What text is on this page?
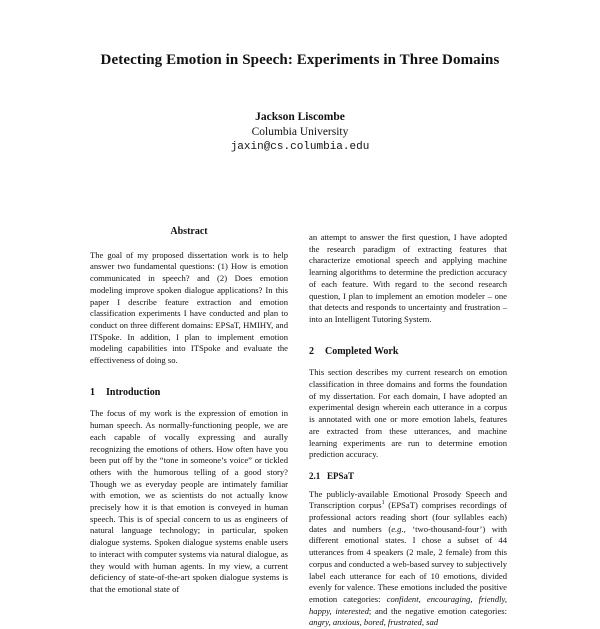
Detecting Emotion in Speech: Experiments in Three Domains
Jackson Liscombe
Columbia University
jaxin@cs.columbia.edu
Abstract

The goal of my proposed dissertation work is to help answer two fundamental questions: (1) How is emotion communicated in speech? and (2) Does emotion modeling improve spoken dialogue applications? In this paper I describe feature extraction and emotion classification experiments I have conducted and plan to conduct on three different domains: EPSaT, HMIHY, and ITSpoke. In addition, I plan to implement emotion modeling capabilities into ITSpoke and evaluate the effectiveness of doing so.

1 Introduction

The focus of my work is the expression of emotion in human speech. As normally-functioning people, we are each capable of vocally expressing and aurally recognizing the emotions of others. How often have you been put off by the “tone in someone’s voice” or tickled others with the humorous telling of a good story? Though we as everyday people are intimately familiar with emotion, we as scientists do not actually know precisely how it is that emotion is conveyed in human speech. This is of special concern to us as engineers of natural language technology; in particular, spoken dialogue systems. Spoken dialogue systems enable users to interact with computer systems via natural dialogue, as they would with human agents. In my view, a current deficiency of state-of-the-art spoken dialogue systems is that the emotional state of

an attempt to answer the first question, I have adopted the research paradigm of extracting features that characterize emotional speech and applying machine learning algorithms to determine the prediction accuracy of each feature. With regard to the second research question, I plan to implement an emotion modeler – one that detects and responds to uncertainty and frustration – into an Intelligent Tutoring System.

2 Completed Work

This section describes my current research on emotion classification in three domains and forms the foundation of my dissertation. For each domain, I have adopted an experimental design wherein each utterance in a corpus is annotated with one or more emotion labels, features are extracted from these utterances, and machine learning experiments are run to determine emotion prediction accuracy.

2.1 EPSaT

The publicly-available Emotional Prosody Speech and Transcription corpus$^1$ (EPSaT) comprises recordings of professional actors reading short (four syllables each) dates and numbers (e.g., ‘two-thousand-four’) with different emotional states. I chose a subset of 44 utterances from 4 speakers (2 male, 2 female) from this corpus and conducted a web-based survey to subjectively label each utterance for each of 10 emotions, divided evenly for valence. These emotions included the positive emotion categories: confident, encouraging, friendly, happy, interested; and the negative emotion categories: angry, anxious, bored, frustrated, sad
